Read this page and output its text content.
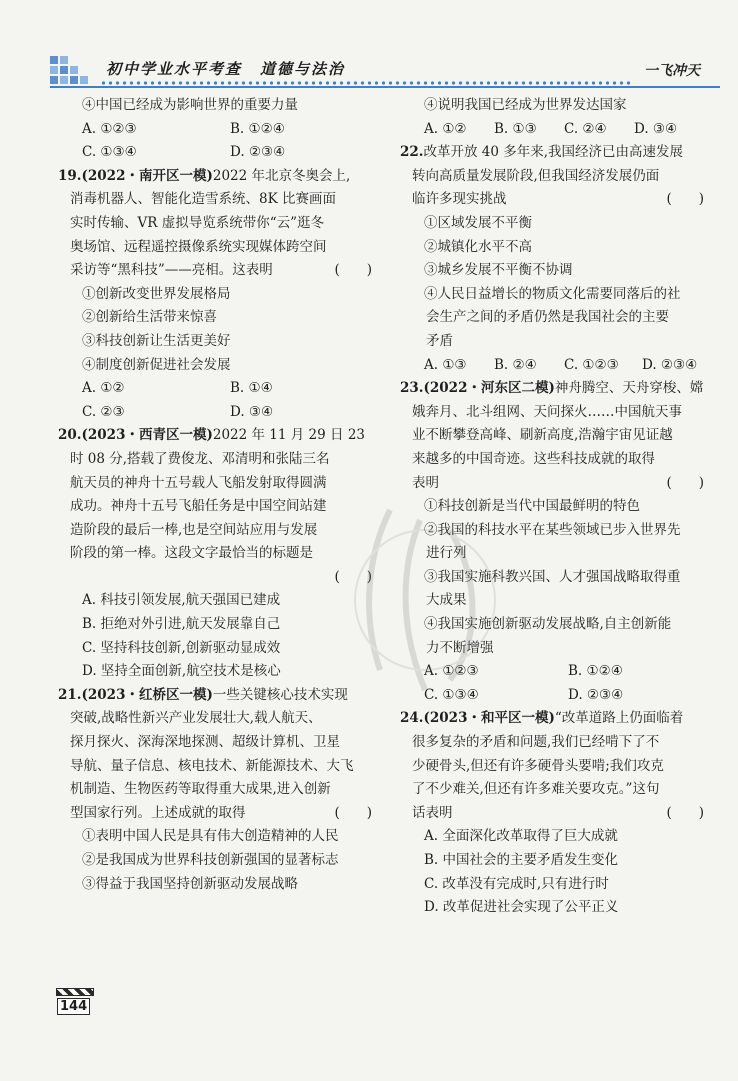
初中学业水平考查 道德与法治	一飞冲天

④中国已经成为影响世界的重要力量

A. ①②③	B. ①②④
C. ①③④	D. ②③④

19.(2022・南开区一模)2022 年北京冬奥会上,

消毒机器人、智能化造雪系统、8K 比赛画面

实时传输、VR 虚拟导览系统带你“云”逛冬

奥场馆、远程遥控摄像系统实现媒体跨空间

采访等“黑科技”——亮相。这表明	(　　)

①创新改变世界发展格局

②创新给生活带来惊喜

③科技创新让生活更美好

④制度创新促进社会发展

A. ①②	B. ①④
C. ②③	D. ③④

20.(2023・西青区一模)2022 年 11 月 29 日 23

时 08 分,搭载了费俊龙、邓清明和张陆三名

航天员的神舟十五号载人飞船发射取得圆满

成功。神舟十五号飞船任务是中国空间站建

造阶段的最后一棒,也是空间站应用与发展

阶段的第一棒。这段文字最恰当的标题是

(　　)

A. 科技引领发展,航天强国已建成

B. 拒绝对外引进,航天发展靠自己

C. 坚持科技创新,创新驱动显成效

D. 坚持全面创新,航空技术是核心

21.(2023・红桥区一模)一些关键核心技术实现

突破,战略性新兴产业发展壮大,载人航天、

探月探火、深海深地探测、超级计算机、卫星

导航、量子信息、核电技术、新能源技术、大飞

机制造、生物医药等取得重大成果,进入创新

型国家行列。上述成就的取得	(　　)

①表明中国人民是具有伟大创造精神的人民

②是我国成为世界科技创新强国的显著标志

③得益于我国坚持创新驱动发展战略

④说明我国已经成为世界发达国家

A. ①②	B. ①③	C. ②④	D. ③④

22.改革开放 40 多年来,我国经济已由高速发展

转向高质量发展阶段,但我国经济发展仍面

临许多现实挑战	(　　)

①区域发展不平衡

②城镇化水平不高

③城乡发展不平衡不协调

④人民日益增长的物质文化需要同落后的社

会生产之间的矛盾仍然是我国社会的主要

矛盾

A. ①③	B. ②④	C. ①②③	D. ②③④

23.(2022・河东区二模)神舟腾空、天舟穿梭、嫦

娥奔月、北斗组网、天问探火……中国航天事

业不断攀登高峰、刷新高度,浩瀚宇宙见证越

来越多的中国奇迹。这些科技成就的取得

表明	(　　)

①科技创新是当代中国最鲜明的特色

②我国的科技水平在某些领域已步入世界先

进行列

③我国实施科教兴国、人才强国战略取得重

大成果

④我国实施创新驱动发展战略,自主创新能

力不断增强

A. ①②③	B. ①②④
C. ①③④	D. ②③④

24.(2023・和平区一模)“改革道路上仍面临着

很多复杂的矛盾和问题,我们已经啃下了不

少硬骨头,但还有许多硬骨头要啃;我们攻克

了不少难关,但还有许多难关要攻克。”这句

话表明	(　　)

A. 全面深化改革取得了巨大成就

B. 中国社会的主要矛盾发生变化

C. 改革没有完成时,只有进行时

D. 改革促进社会实现了公平正义

144
